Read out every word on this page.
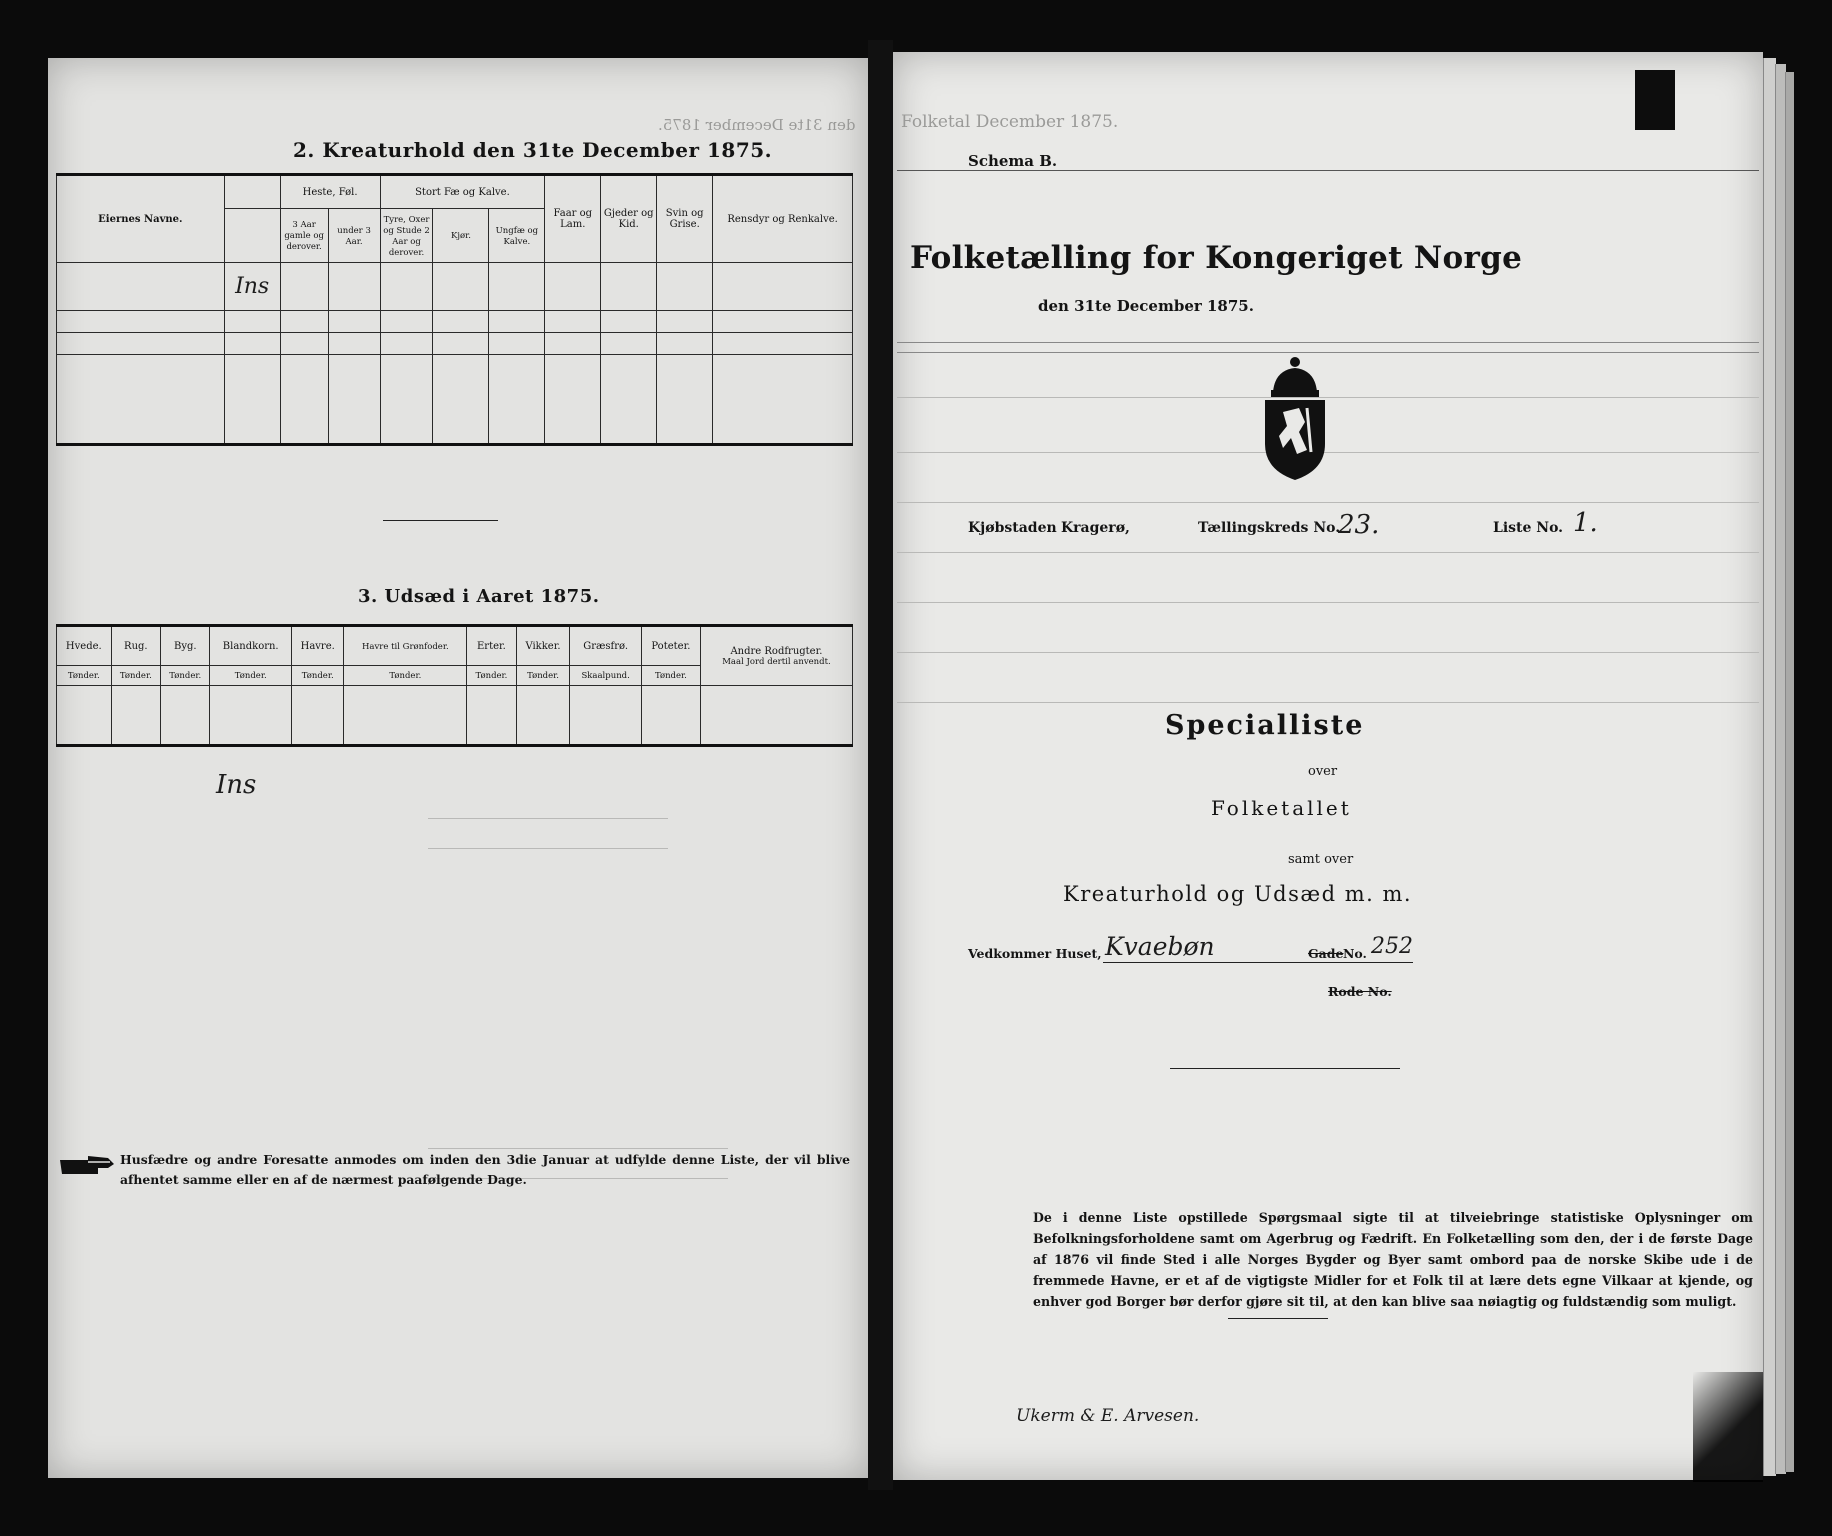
den 31te December 1875.
2. Kreaturhold den 31te December 1875.
Eiernes Navne.		Heste, Føl.		Stort Fæ og Kalve.			Faar og Lam.	Gjeder og Kid.	Svin og Grise.	Rensdyr og Renkalve.
		3 Aar gamle og derover.	under 3 Aar.	Tyre, Oxer og Stude 2 Aar og derover.	Kjør.	Ungfæ og Kalve.				
	Ins									

3. Udsæd i Aaret 1875.
Hvede.	Rug.	Byg.	Blandkorn.	Havre.	Havre til Grønfoder.	Erter.	Vikker.	Græsfrø.	Poteter.	Andre Rodfrugter.
Maal Jord dertil anvendt.

Tønder.	Tønder.	Tønder.	Tønder.	Tønder.	Tønder.	Tønder.	Tønder.	Skaalpund.	Tønder.	

Ins
Husfædre og andre Foresatte anmodes om inden den 3die Januar at udfylde denne Liste, der vil blive afhentet samme eller en af de nærmest paafølgende Dage.
Folketal December 1875.
Schema B.
Folketælling for Kongeriget Norge
den 31te December 1875.
Kjøbstaden Kragerø,	Tællingskreds No.
23.	Liste No. 1.
Specialliste
over
Folketallet
samt over
Kreaturhold og Udsæd m. m.
Vedkommer Huset, Kvaebøn	Gade No. 252
Rode No.
De i denne Liste opstillede Spørgsmaal sigte til at tilveiebringe statistiske Oplysninger om Befolkningsforholdene samt om Agerbrug og Fædrift. En Folketælling som den, der i de første Dage af 1876 vil finde Sted i alle Norges Bygder og Byer samt ombord paa de norske Skibe ude i de fremmede Havne, er et af de vigtigste Midler for et Folk til at lære dets egne Vilkaar at kjende, og enhver god Borger bør derfor gjøre sit til, at den kan blive saa nøiagtig og fuldstændig som muligt.
Ukerm & E. Arvesen.
